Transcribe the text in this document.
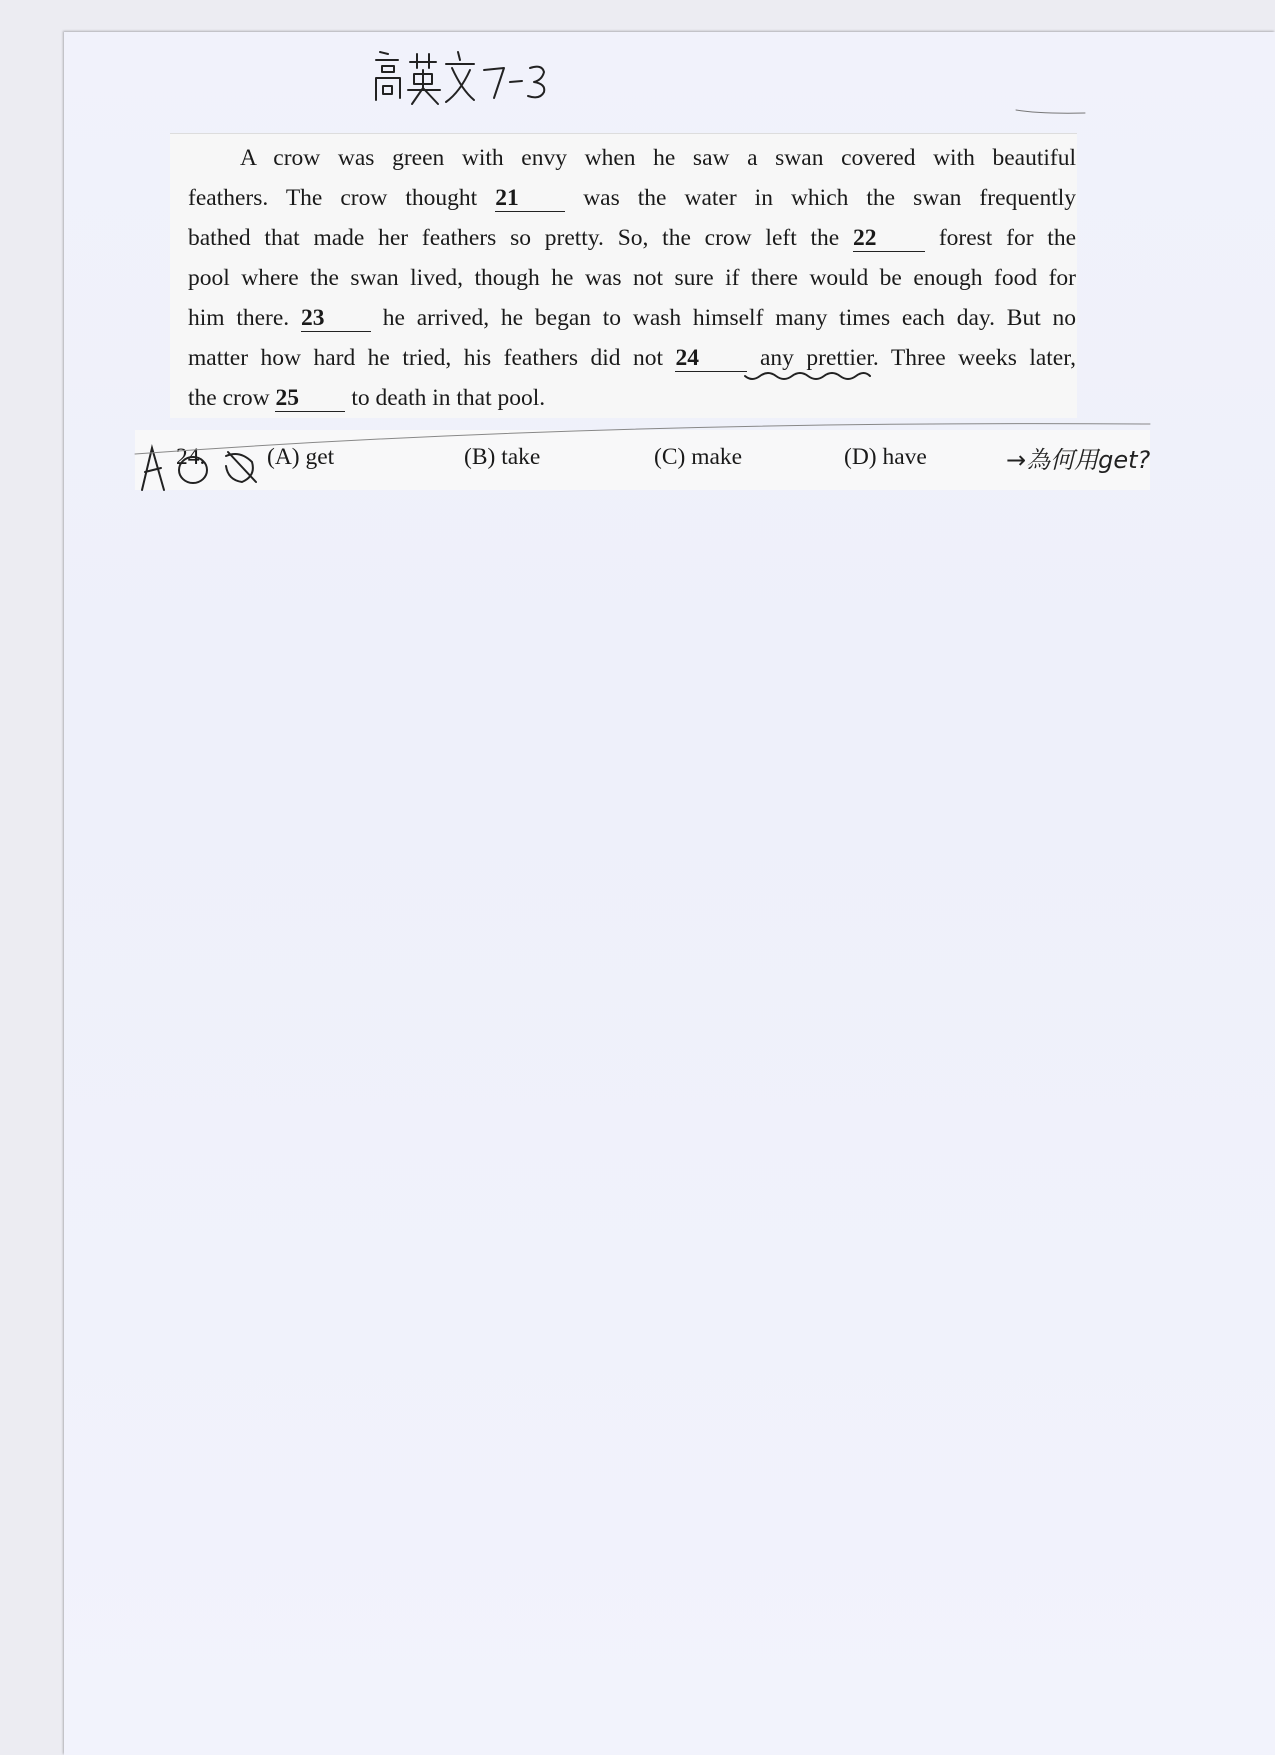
A crow was green with envy when he saw a swan covered with beautiful
feathers. The crow thought 21	was the water in which the swan frequently
bathed that made her feathers so pretty. So, the crow left the 22	forest for the
pool where the swan lived, though he was not sure if there would be enough food for
him there. 23 he arrived, he began to wash himself many times each day. But no
matter how hard he tried, his feathers did not 24	any prettier. Three weeks later,
the crow 25 to death in that pool.
24.	(A) get	(B) take	(C) make	(D) have	→為何用get?
